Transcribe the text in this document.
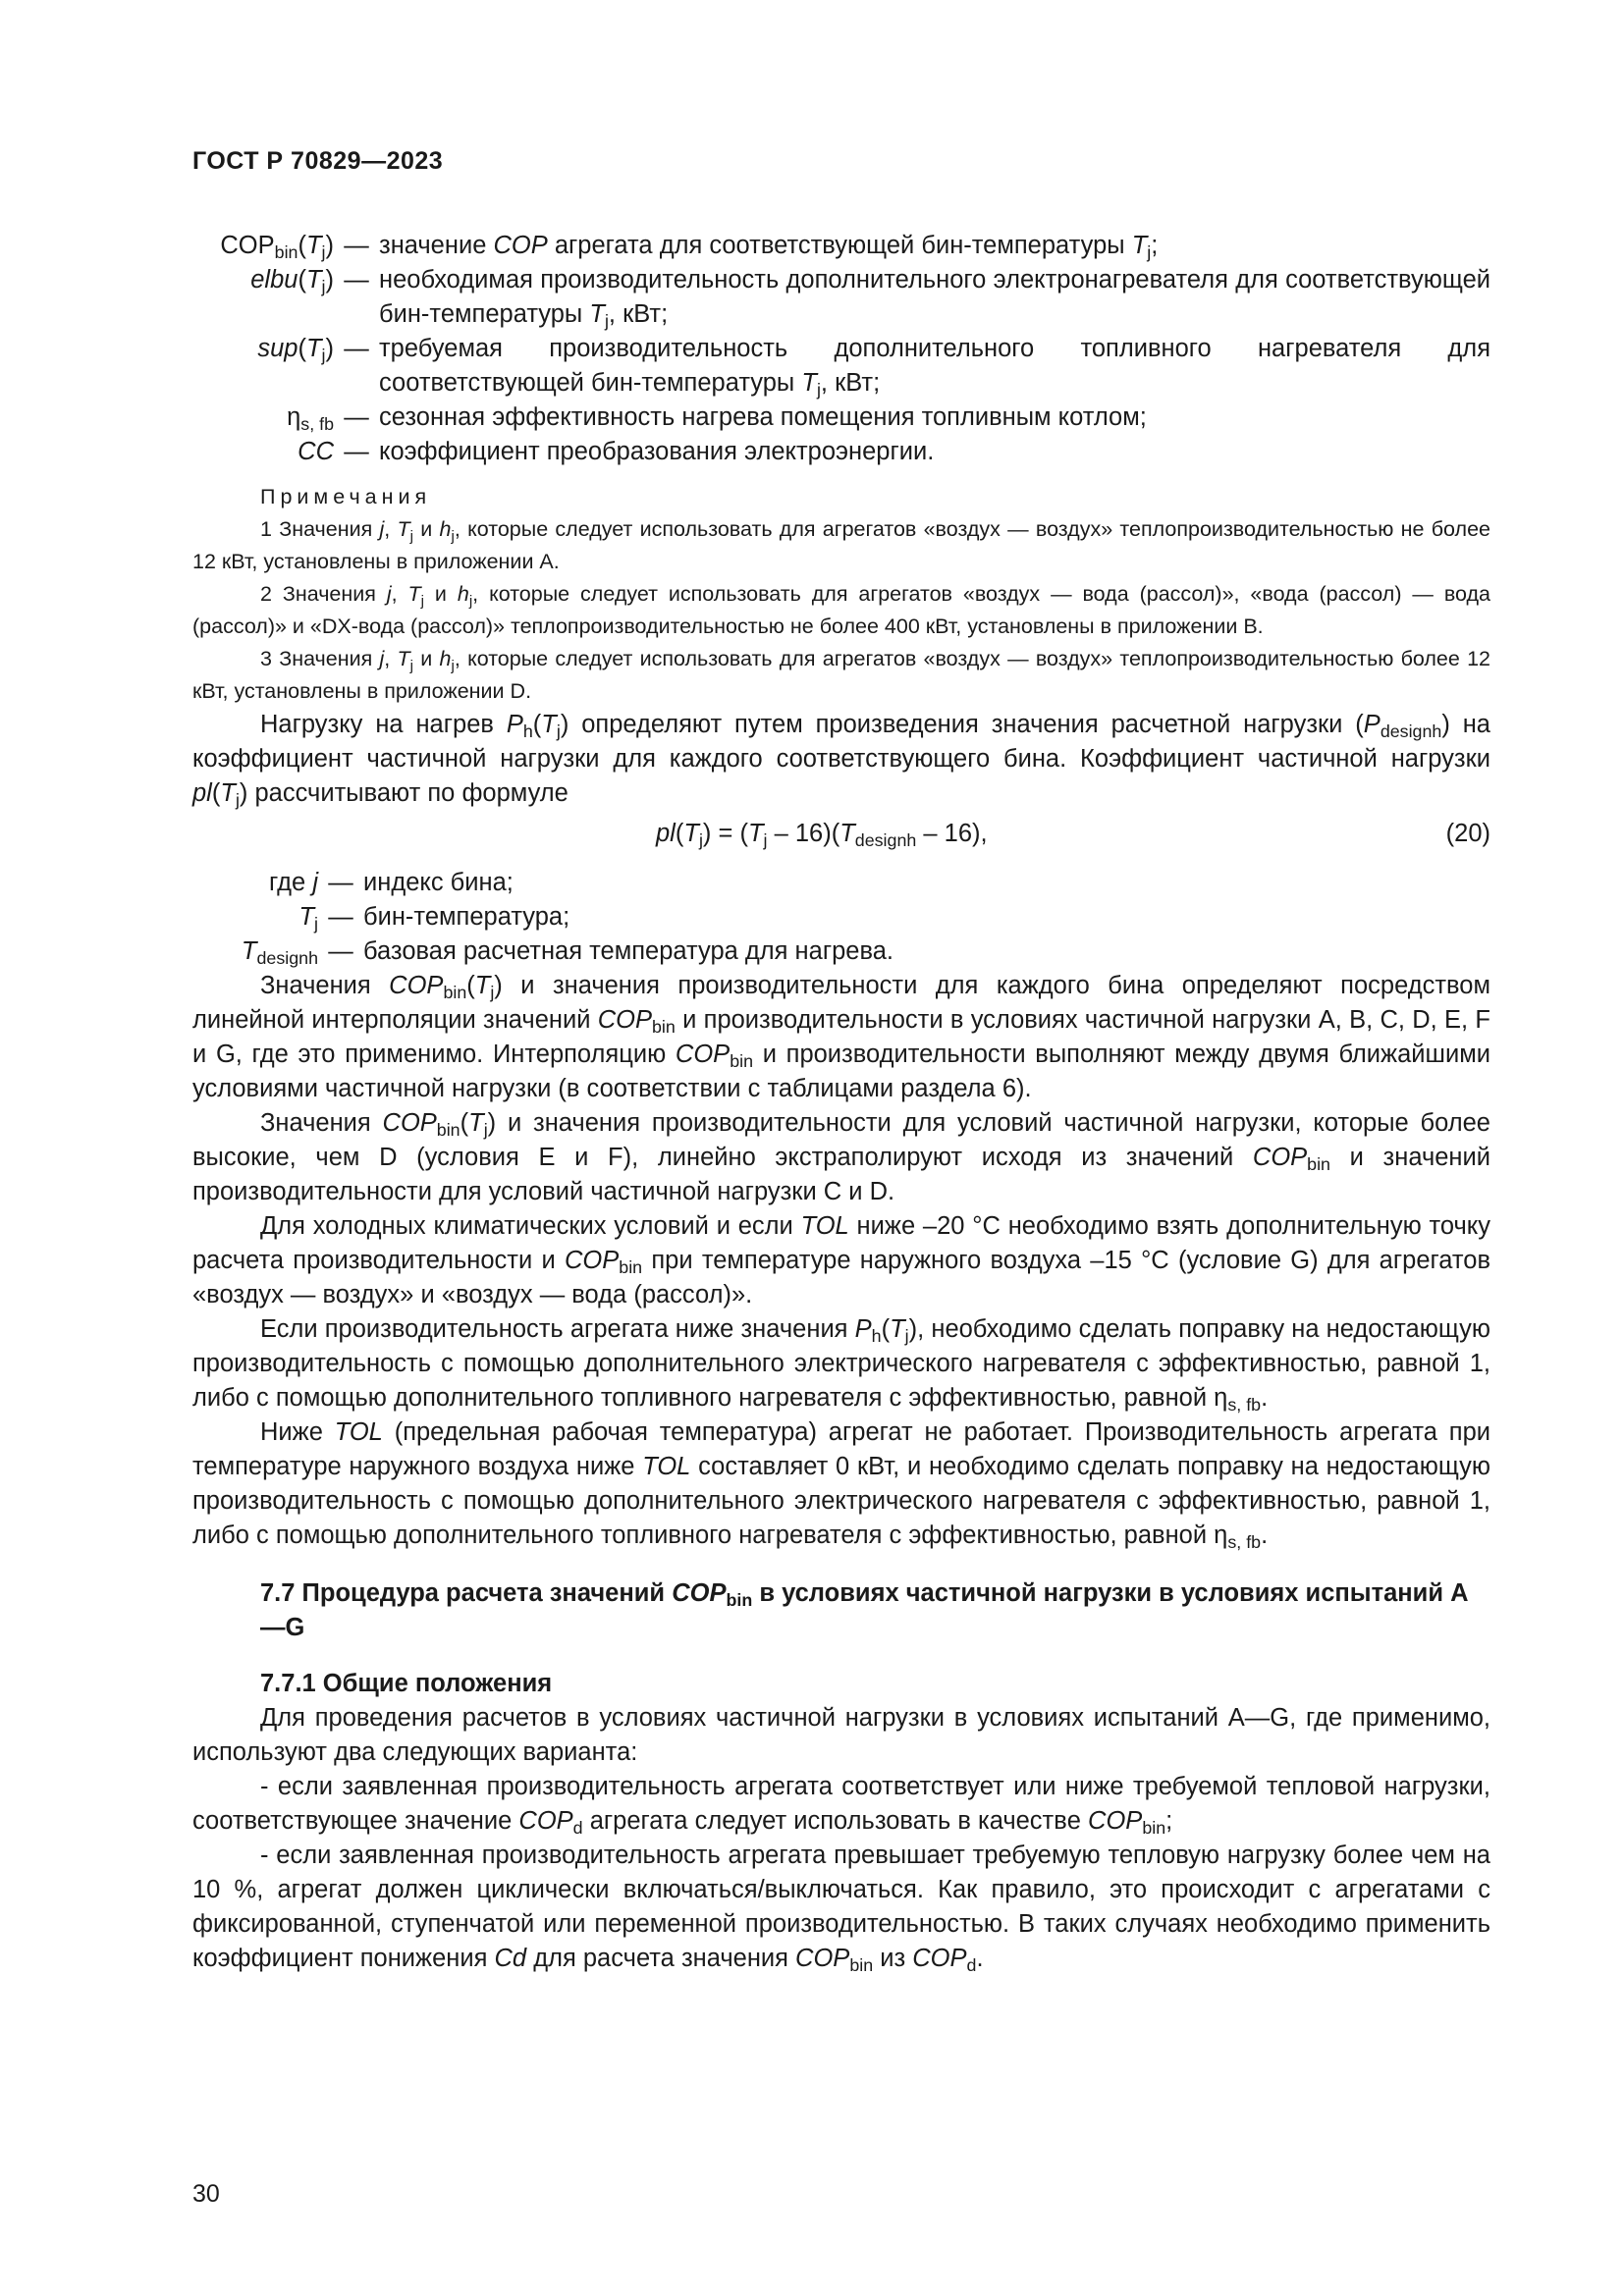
ГОСТ Р 70829—2023
$COP_{bin}(T_j)$ — значение COP агрегата для соответствующей бин-температуры $T_j$;
$elbu(T_j)$ — необходимая производительность дополнительного электронагревателя для соответствующей бин-температуры $T_j$, кВт;
$sup(T_j)$ — требуемая производительность дополнительного топливного нагревателя для соответствующей бин-температуры $T_j$, кВт;
$\eta_{s, fb}$ — сезонная эффективность нагрева помещения топливным котлом;
CC — коэффициент преобразования электроэнергии.
Примечания

1 Значения j, $T_j$ и $h_j$, которые следует использовать для агрегатов «воздух — воздух» теплопроизводительностью не более 12 кВт, установлены в приложении А.

2 Значения j, $T_j$ и $h_j$, которые следует использовать для агрегатов «воздух — вода (рассол)», «вода (рассол) — вода (рассол)» и «DX-вода (рассол)» теплопроизводительностью не более 400 кВт, установлены в приложении В.

3 Значения j, $T_j$ и $h_j$, которые следует использовать для агрегатов «воздух — воздух» теплопроизводительностью более 12 кВт, установлены в приложении D.

Нагрузку на нагрев $P_h(T_j)$ определяют путем произведения значения расчетной нагрузки $(P_{designh})$ на коэффициент частичной нагрузки для каждого соответствующего бина. Коэффициент частичной нагрузки $pl(T_j)$ рассчитывают по формуле

$pl(T_j) = (T_j - 16)(T_{designh} - 16)$,	(20)
где j — индекс бина;
$T_j$ — бин-температура;
$T_{designh}$ — базовая расчетная температура для нагрева.

Значения $COP_{bin}(T_j)$ и значения производительности для каждого бина определяют посредством линейной интерполяции значений $COP_{bin}$ и производительности в условиях частичной нагрузки А, В, С, D, E, F и G, где это применимо. Интерполяцию $COP_{bin}$ и производительности выполняют между двумя ближайшими условиями частичной нагрузки (в соответствии с таблицами раздела 6).

Значения $COP_{bin}(T_j)$ и значения производительности для условий частичной нагрузки, которые более высокие, чем D (условия E и F), линейно экстраполируют исходя из значений $COP_{bin}$ и значений производительности для условий частичной нагрузки С и D.

Для холодных климатических условий и если TOL ниже –20 °С необходимо взять дополнительную точку расчета производительности и $COP_{bin}$ при температуре наружного воздуха –15 °С (условие G) для агрегатов «воздух — воздух» и «воздух — вода (рассол)».

Если производительность агрегата ниже значения $P_h(T_j)$, необходимо сделать поправку на недостающую производительность с помощью дополнительного электрического нагревателя с эффективностью, равной 1, либо с помощью дополнительного топливного нагревателя с эффективностью, равной $\eta_{s, fb}$.

Ниже TOL (предельная рабочая температура) агрегат не работает. Производительность агрегата при температуре наружного воздуха ниже TOL составляет 0 кВт, и необходимо сделать поправку на недостающую производительность с помощью дополнительного электрического нагревателя с эффективностью, равной 1, либо с помощью дополнительного топливного нагревателя с эффективностью, равной $\eta_{s, fb}$.

7.7 Процедура расчета значений $COP_{bin}$ в условиях частичной нагрузки в условиях испытаний А—G
7.7.1 Общие положения

Для проведения расчетов в условиях частичной нагрузки в условиях испытаний А—G, где применимо, используют два следующих варианта:

- если заявленная производительность агрегата соответствует или ниже требуемой тепловой нагрузки, соответствующее значение $COP_d$ агрегата следует использовать в качествe $COP_{bin}$;

- если заявленная производительность агрегата превышает требуемую тепловую нагрузку более чем на 10 %, агрегат должен циклически включаться/выключаться. Как правило, это происходит с агрегатами с фиксированной, ступенчатой или переменной производительностью. В таких случаях необходимо применить коэффициент понижения Cd для расчета значения $COP_{bin}$ из $COP_d$.

30
